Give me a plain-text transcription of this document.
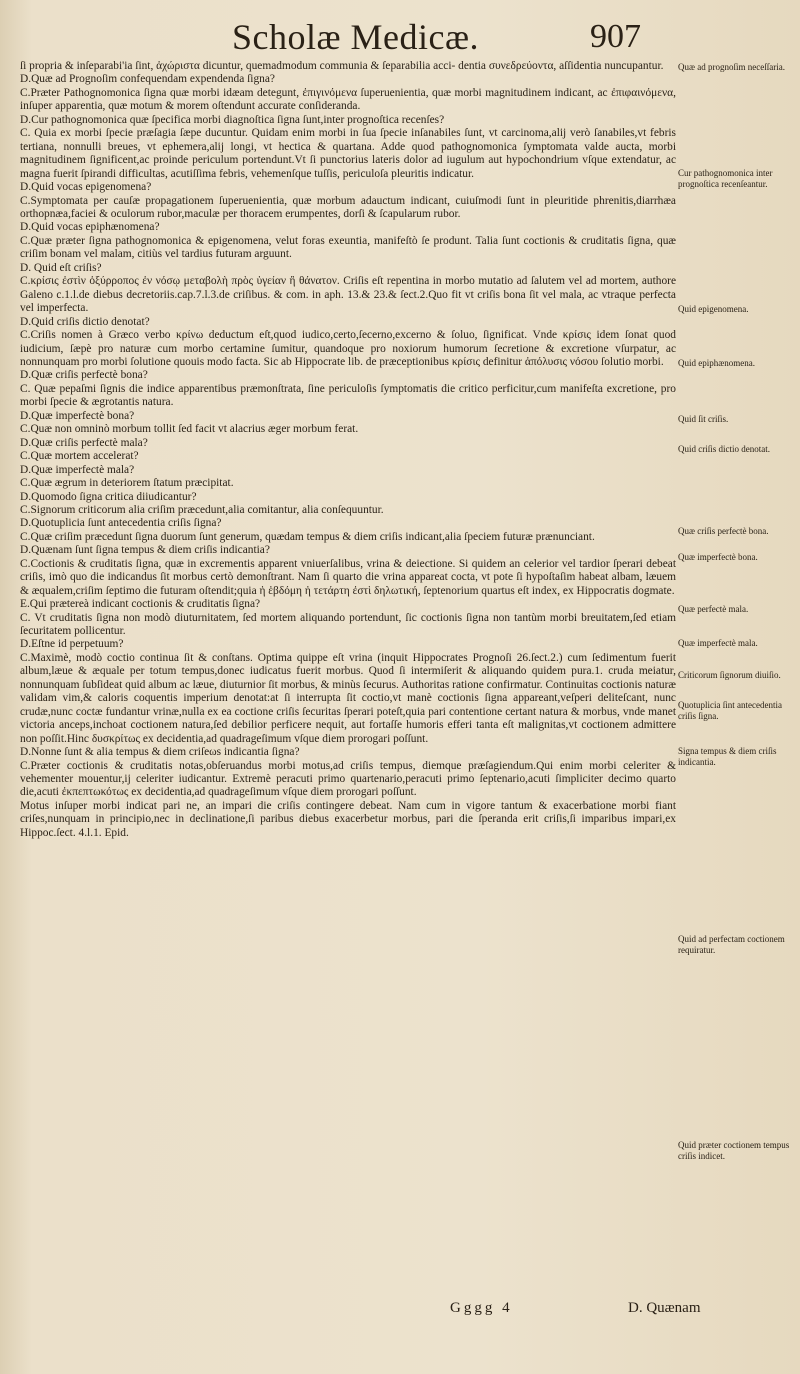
Scholæ Medicæ.	907

ſi propria & inſeparabi'ia ſint, ἀχώριστα dicuntur, quemadmodum communia & ſeparabilia acci- dentia συνεδρεύοντα, aſſidentia nuncupantur.

D.Quæ ad Prognoſim confequendam expendenda ſigna?

C.Præter Pathognomonica ſigna quæ morbi idæam detegunt, ἐπιγινόμενα ſuperuenientia, quæ morbi magnitudinem indicant, ac ἐπιφαινόμενα, inſuper apparentia, quæ motum & morem oſtendunt accurate conſideranda.

D.Cur pathognomonica quæ ſpecifica morbi diagnoſtica ſigna ſunt,inter prognoſtica recenſes?

C. Quia ex morbi ſpecie præſagia ſæpe ducuntur. Quidam enim morbi in ſua ſpecie inſanabiles ſunt, vt carcinoma,alij verò ſanabiles,vt febris tertiana, nonnulli breues, vt ephemera,alij longi, vt hectica & quartana. Adde quod pathognomonica ſymptomata valde aucta, morbi magnitudinem ſignificent,ac proinde periculum portendunt.Vt ſi punctorius lateris dolor ad iugulum aut hypochondrium vſque extendatur, ac magna fuerit ſpirandi difficultas, acutiſſima febris, vehemenſque tuſſis, periculoſa pleuritis indicatur.

D.Quid vocas epigenomena?

C.Symptomata per cauſæ propagationem ſuperuenientia, quæ morbum adauctum indicant, cuiuſmodi ſunt in pleuritide phrenitis,diarrhæa orthopnæa,faciei & oculorum rubor,maculæ per thoracem erumpentes, dorſi & ſcapularum rubor.

D.Quid vocas epiphænomena?

C.Quæ præter ſigna pathognomonica & epigenomena, velut foras exeuntia, manifeſtò ſe produnt. Talia ſunt coctionis & cruditatis ſigna, quæ criſim bonam vel malam, citiùs vel tardius futuram arguunt.

D. Quid eſt criſis?

C.κρίσις ἐστὶν ὀξύρροπος ἐν νόσῳ μεταβολὴ πρὸς ὑγείαν ἢ θάνατον. Criſis eſt repentina in morbo mutatio ad ſalutem vel ad mortem, authore Galeno c.1.l.de diebus decretoriis.cap.7.l.3.de criſibus. & com. in aph. 13.& 23.& ſect.2.Quo fit vt criſis bona ſit vel mala, ac vtraque perfecta vel imperfecta.

D.Quid criſis dictio denotat?

C.Criſis nomen à Græco verbo κρίνω deductum eſt,quod iudico,certo,ſecerno,excerno & ſoluo, ſignificat. Vnde κρίσις idem ſonat quod iudicium, ſæpè pro naturæ cum morbo certamine ſumitur, quandoque pro noxiorum humorum ſecretione & excretione vſurpatur, ac nonnunquam pro morbi ſolutione quouis modo facta. Sic ab Hippocrate lib. de præceptionibus κρίσις definitur ἀπόλυσις νόσου ſolutio morbi.

D.Quæ criſis perfectè bona?

C. Quæ pepaſmi ſignis die indice apparentibus præmonſtrata, ſine periculoſis ſymptomatis die critico perficitur,cum manifeſta excretione, pro morbi ſpecie & ægrotantis natura.

D.Quæ imperfectè bona?

C.Quæ non omninò morbum tollit ſed facit vt alacrius æger morbum ferat.

D.Quæ criſis perfectè mala?

C.Quæ mortem accelerat?

D.Quæ imperfectè mala?

C.Quæ ægrum in deteriorem ſtatum præcipitat.

D.Quomodo ſigna critica diiudicantur?

C.Signorum criticorum alia criſim præcedunt,alia comitantur, alia conſequuntur.

D.Quotuplicia ſunt antecedentia criſis ſigna?

C.Quæ criſim præcedunt ſigna duorum ſunt generum, quædam tempus & diem criſis indicant,alia ſpeciem futuræ prænunciant.

D.Quænam ſunt ſigna tempus & diem criſis indicantia?

C.Coctionis & cruditatis ſigna, quæ in excrementis apparent vniuerſalibus, vrina & deiectione. Si quidem an celerior vel tardior ſperari debeat criſis, imò quo die indicandus ſit morbus certò demonſtrant. Nam ſi quarto die vrina appareat cocta, vt pote ſi hypoſtaſim habeat albam, læuem & æqualem,criſim ſeptimo die futuram oſtendit;quia ἡ ἑβδόμη ἡ τετάρτη ἐστὶ δηλωτική, ſeptenorium quartus eſt index, ex Hippocratis dogmate.

E.Qui prætereà indicant coctionis & cruditatis ſigna?

C. Vt cruditatis ſigna non modò diuturnitatem, ſed mortem aliquando portendunt, ſic coctionis ſigna non tantùm morbi breuitatem,ſed etiam ſecuritatem pollicentur.

D.Eſtne id perpetuum?

C.Maximè, modò coctio continua ſit & conſtans. Optima quippe eſt vrina (inquit Hippocrates Prognoſi 26.ſect.2.) cum ſedimentum fuerit album,læue & æquale per totum tempus,donec iudicatus fuerit morbus. Quod ſi intermiſerit & aliquando quidem pura.1. cruda meiatur, nonnunquam ſubſideat quid album ac læue, diuturnior ſit morbus, & minùs ſecurus. Authoritas ratione confirmatur. Continuitas coctionis naturæ validam vim,& caloris coquentis imperium denotat:at ſi interrupta ſit coctio,vt manè coctionis ſigna appareant,veſperi deliteſcant, nunc crudæ,nunc coctæ fundantur vrinæ,nulla ex ea coctione criſis ſecuritas ſperari poteſt,quia pari contentione certant natura & morbus, vnde manet victoria anceps,inchoat coctionem natura,ſed debilior perficere nequit, aut fortaſſe humoris efferi tanta eſt malignitas,vt coctionem admittere non poſſit.Hinc δυσκρίτως ex decidentia,ad quadrageſimum vſque diem prorogari poſſunt.

D.Nonne ſunt & alia tempus & diem criſeωs indicantia ſigna?

C.Præter coctionis & cruditatis notas,obſeruandus morbi motus,ad criſis tempus, diemque præſagiendum.Qui enim morbi celeriter & vehementer mouentur,ij celeriter iudicantur. Extremè peracuti primo quartenario,peracuti primo ſeptenario,acuti ſimpliciter decimo quarto die,acuti ἐκπεπτωκότως ex decidentia,ad quadrageſimum vſque diem prorogari poſſunt.

Motus inſuper morbi indicat pari ne, an impari die criſis contingere debeat. Nam cum in vigore tantum & exacerbatione morbi fiant criſes,nunquam in principio,nec in declinatione,ſi paribus diebus exacerbetur morbus, pari die ſperanda erit criſis,ſi imparibus impari,ex Hippoc.ſect. 4.l.1. Epid.

Quæ ad prognoſim neceſſaria.
Cur pathognomonica inter prognoſtica recenſeantur.
Quid epigenomena.
Quid epiphænomena.
Quid ſit criſis.
Quid criſis dictio denotat.
Quæ criſis perfectè bona.
Quæ imperfectè bona.
Quæ perfectè mala.
Quæ imperfectè mala.
Criticorum ſignorum diuiſio.
Quotuplicia ſint antecedentia criſis ſigna.
Signa tempus & diem criſis indicantia.
Quid ad perfectam coctionem requiratur.
Quid præter coctionem tempus criſis indicet.
Gggg 4	D. Quænam
